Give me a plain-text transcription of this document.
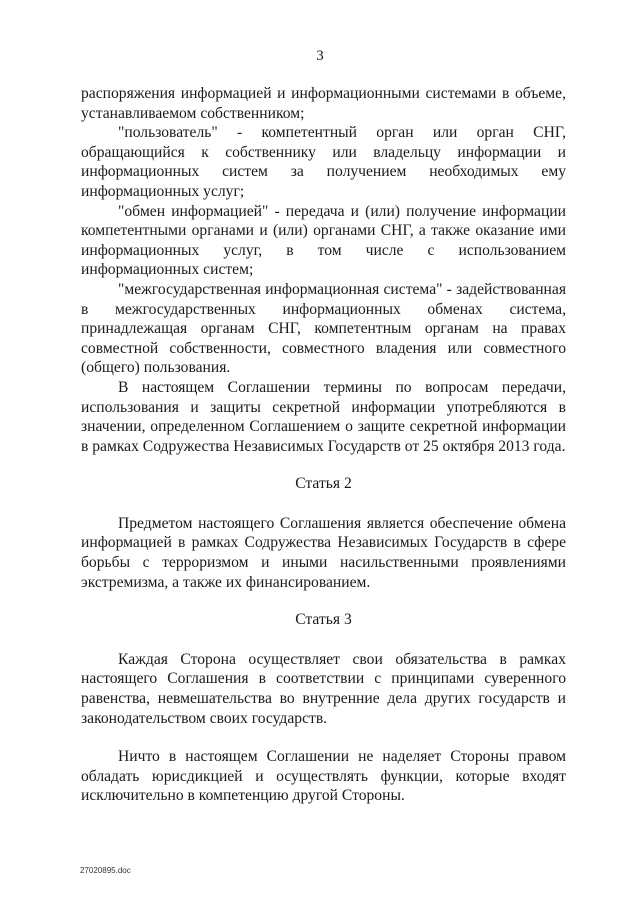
3

распоряжения информацией и информационными системами в объеме, устанавливаемом собственником;

"пользователь" - компетентный орган или орган СНГ, обращающийся к собственнику или владельцу информации и информационных систем за получением необходимых ему информационных услуг;

"обмен информацией" - передача и (или) получение информации компетентными органами и (или) органами СНГ, а также оказание ими информационных услуг, в том числе с использованием информационных систем;

"межгосударственная информационная система" - задействованная в межгосударственных информационных обменах система, принадлежащая органам СНГ, компетентным органам на правах совместной собственности, совместного владения или совместного (общего) пользования.

В настоящем Соглашении термины по вопросам передачи, использования и защиты секретной информации употребляются в значении, определенном Соглашением о защите секретной информации в рамках Содружества Независимых Государств от 25 октября 2013 года.

Статья 2

Предметом настоящего Соглашения является обеспечение обмена информацией в рамках Содружества Независимых Государств в сфере борьбы с терроризмом и иными насильственными проявлениями экстремизма, а также их финансированием.

Статья 3

Каждая Сторона осуществляет свои обязательства в рамках настоящего Соглашения в соответствии с принципами суверенного равенства, невмешательства во внутренние дела других государств и законодательством своих государств.

Ничто в настоящем Соглашении не наделяет Стороны правом обладать юрисдикцией и осуществлять функции, которые входят исключительно в компетенцию другой Стороны.

27020895.doc
